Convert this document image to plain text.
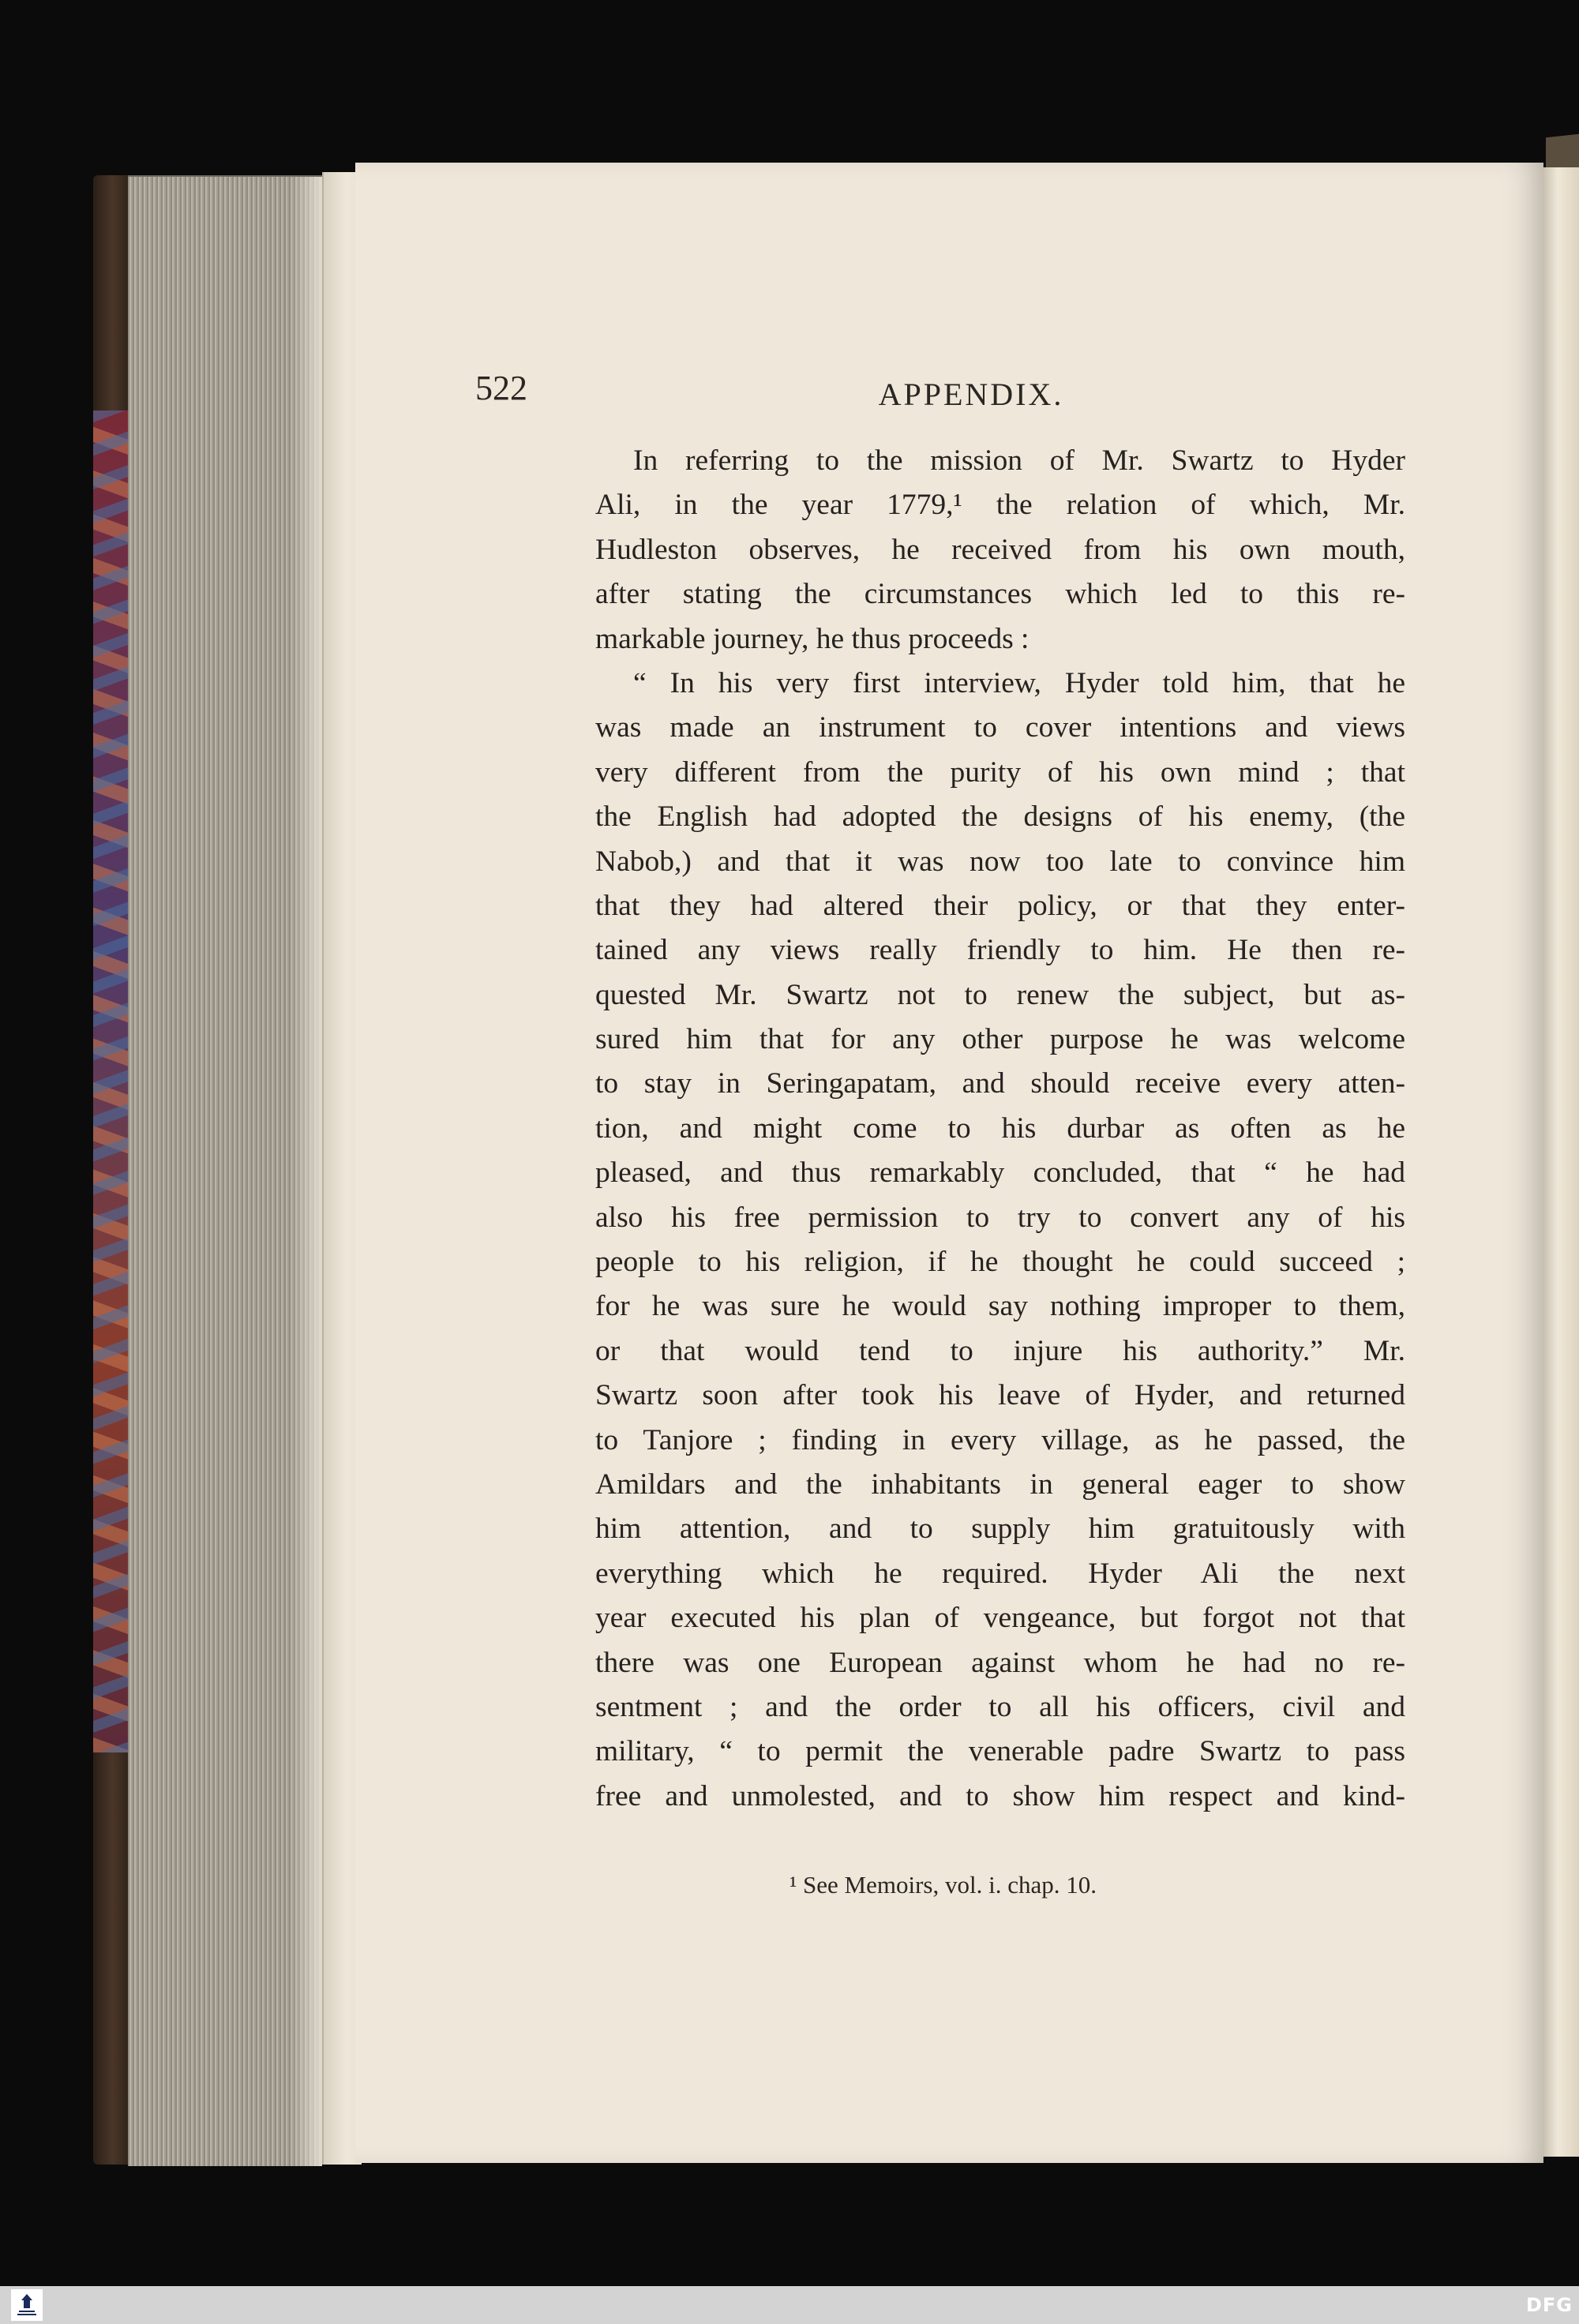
522	APPENDIX.
In referring to the mission of Mr. Swartz to Hyder
Ali, in the year 1779,¹ the relation of which, Mr.
Hudleston observes, he received from his own mouth,
after stating the circumstances which led to this re-
markable journey, he thus proceeds :
“ In his very first interview, Hyder told him, that he
was made an instrument to cover intentions and views
very different from the purity of his own mind ; that
the English had adopted the designs of his enemy, (the
Nabob,) and that it was now too late to convince him
that they had altered their policy, or that they enter-
tained any views really friendly to him. He then re-
quested Mr. Swartz not to renew the subject, but as-
sured him that for any other purpose he was welcome
to stay in Seringapatam, and should receive every atten-
tion, and might come to his durbar as often as he
pleased, and thus remarkably concluded, that “ he had
also his free permission to try to convert any of his
people to his religion, if he thought he could succeed ;
for he was sure he would say nothing improper to them,
or that would tend to injure his authority.” Mr.
Swartz soon after took his leave of Hyder, and returned
to Tanjore ; finding in every village, as he passed, the
Amildars and the inhabitants in general eager to show
him attention, and to supply him gratuitously with
everything which he required. Hyder Ali the next
year executed his plan of vengeance, but forgot not that
there was one European against whom he had no re-
sentment ; and the order to all his officers, civil and
military, “ to permit the venerable padre Swartz to pass
free and unmolested, and to show him respect and kind-
¹ See Memoirs, vol. i. chap. 10.
DFG
